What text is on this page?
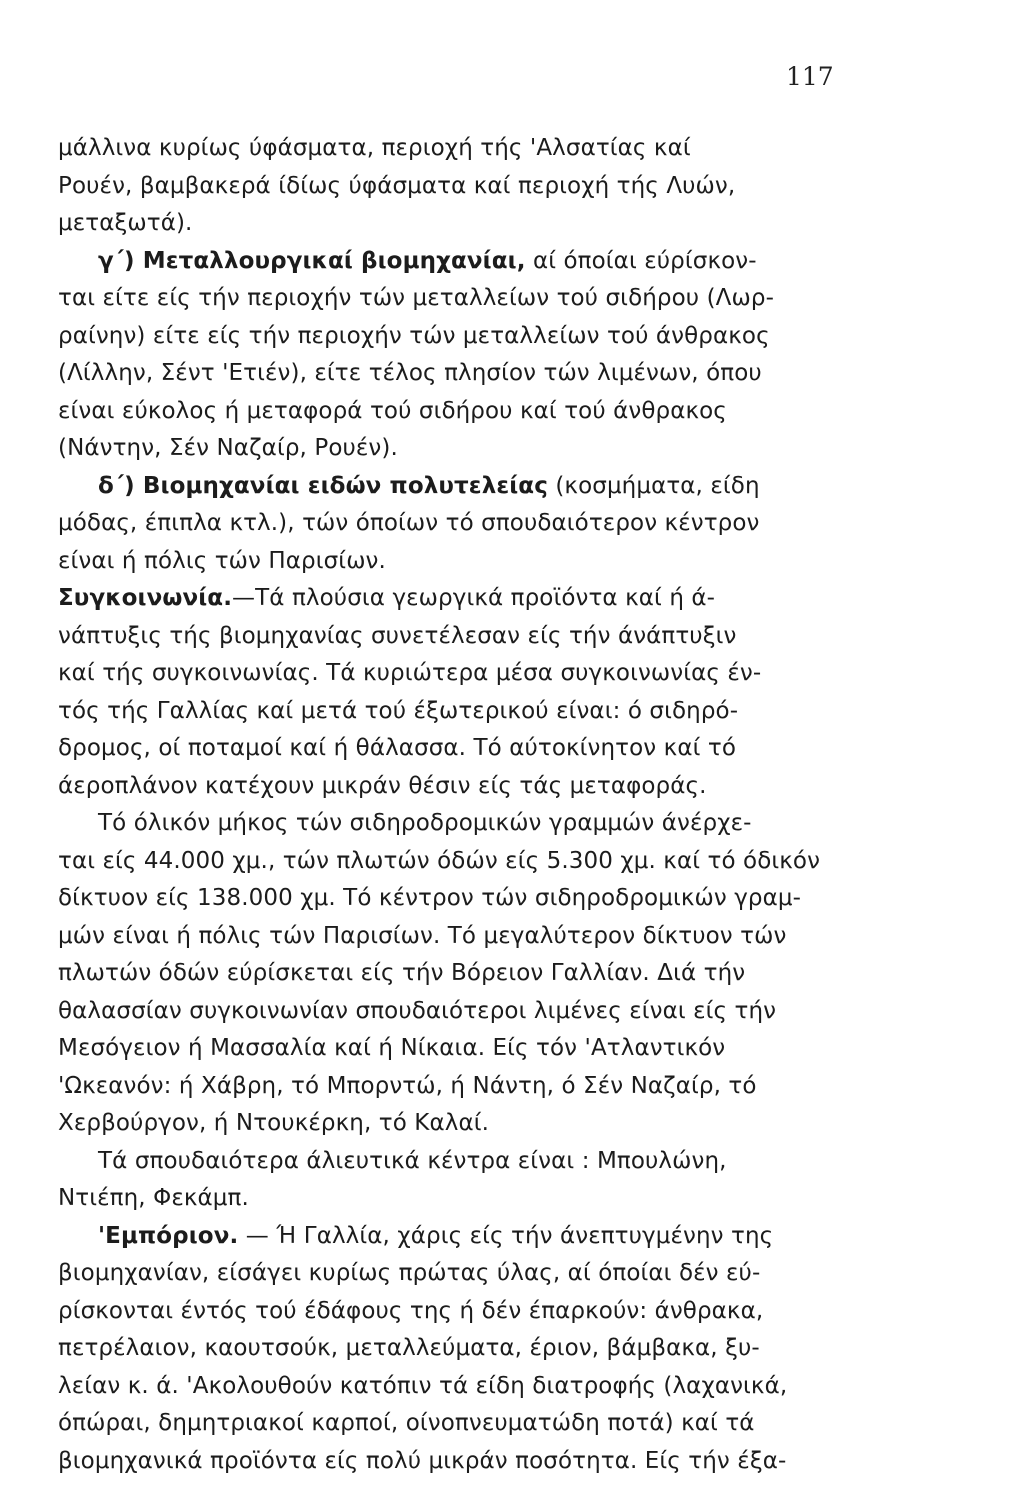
117
μάλλινα κυρίως ύφάσματα, περιοχή τής 'Αλσατίας καί
Ρουέν, βαμβακερά ίδίως ύφάσματα καί περιοχή τής Λυών,
μεταξωτά).
γ΄) Μεταλλουργικαί βιομηχανίαι, αί όποίαι εύρίσκον-
ται είτε είς τήν περιοχήν τών μεταλλείων τού σιδήρου (Λωρ-
ραίνην) είτε είς τήν περιοχήν τών μεταλλείων τού άνθρακος
(Λίλλην, Σέντ 'Ετιέν), είτε τέλος πλησίον τών λιμένων, όπου
είναι εύκολος ή μεταφορά τού σιδήρου καί τού άνθρακος
(Νάντην, Σέν Ναζαίρ, Ρουέν).
δ΄) Βιομηχανίαι ειδών πολυτελείας (κοσμήματα, είδη
μόδας, έπιπλα κτλ.), τών όποίων τό σπουδαιότερον κέντρον
είναι ή πόλις τών Παρισίων.
Συγκοινωνία.—Τά πλούσια γεωργικά προϊόντα καί ή ά-
νάπτυξις τής βιομηχανίας συνετέλεσαν είς τήν άνάπτυξιν
καί τής συγκοινωνίας. Τά κυριώτερα μέσα συγκοινωνίας έν-
τός τής Γαλλίας καί μετά τού έξωτερικού είναι: ό σιδηρό-
δρομος, οί ποταμοί καί ή θάλασσα. Τό αύτοκίνητον καί τό
άεροπλάνον κατέχουν μικράν θέσιν είς τάς μεταφοράς.
Τό όλικόν μήκος τών σιδηροδρομικών γραμμών άνέρχε-
ται είς 44.000 χμ., τών πλωτών όδών είς 5.300 χμ. καί τό όδικόν
δίκτυον είς 138.000 χμ. Τό κέντρον τών σιδηροδρομικών γραμ-
μών είναι ή πόλις τών Παρισίων. Τό μεγαλύτερον δίκτυον τών
πλωτών όδών εύρίσκεται είς τήν Βόρειον Γαλλίαν. Διά τήν
θαλασσίαν συγκοινωνίαν σπουδαιότεροι λιμένες είναι είς τήν
Μεσόγειον ή Μασσαλία καί ή Νίκαια. Είς τόν 'Ατλαντικόν
'Ωκεανόν: ή Χάβρη, τό Μπορντώ, ή Νάντη, ό Σέν Ναζαίρ, τό
Χερβούργον, ή Ντουκέρκη, τό Καλαί.
Τά σπουδαιότερα άλιευτικά κέντρα είναι : Μπουλώνη,
Ντιέπη, Φεκάμπ.
'Εμπόριον. — Ή Γαλλία, χάρις είς τήν άνεπτυγμένην της
βιομηχανίαν, είσάγει κυρίως πρώτας ύλας, αί όποίαι δέν εύ-
ρίσκονται έντός τού έδάφους της ή δέν έπαρκούν: άνθρακα,
πετρέλαιον, καουτσούκ, μεταλλεύματα, έριον, βάμβακα, ξυ-
λείαν κ. ά. 'Ακολουθούν κατόπιν τά είδη διατροφής (λαχανικά,
όπώραι, δημητριακοί καρποί, οίνοπνευματώδη ποτά) καί τά
βιομηχανικά προϊόντα είς πολύ μικράν ποσότητα. Είς τήν έξα-
